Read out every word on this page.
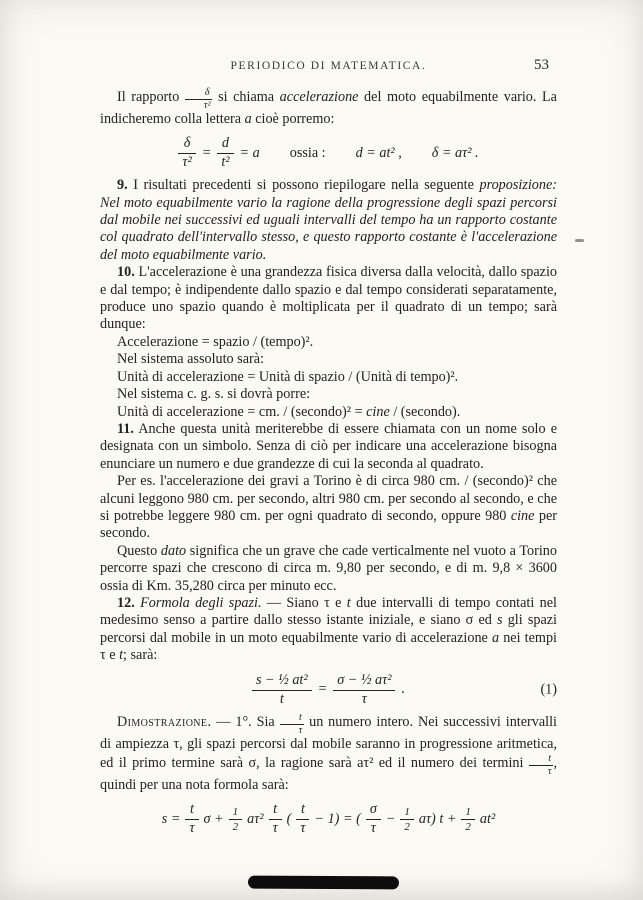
PERIODICO DI MATEMATICA.	53

Il rapporto $\frac{\delta}{\text{τ²}}$ si chiama accelerazione del moto equabilmente vario. La indicheremo colla lettera a cioè porremo:

$\frac{\delta}{\text{τ²}} = \frac{d}{\text{t²}} = a$ ossia : d = at² , δ = aτ² .

9. I risultati precedenti si possono riepilogare nella seguente proposizione: Nel moto equabilmente vario la ragione della progressione degli spazi percorsi dal mobile nei successivi ed uguali intervalli del tempo ha un rapporto costante col quadrato dell'intervallo stesso, e questo rapporto costante è l'accelerazione del moto equabilmente vario.

10. L'accelerazione è una grandezza fisica diversa dalla velocità, dallo spazio e dal tempo; è indipendente dallo spazio e dal tempo considerati separatamente, produce uno spazio quando è moltiplicata per il quadrato di un tempo; sarà dunque:

Accelerazione = spazio / (tempo)².

Nel sistema assoluto sarà:

Unità di accelerazione = Unità di spazio / (Unità di tempo)².

Nel sistema c. g. s. si dovrà porre:

Unità di accelerazione = cm. / (secondo)² = cine / (secondo).

11. Anche questa unità meriterebbe di essere chiamata con un nome solo e designata con un simbolo. Senza di ciò per indicare una accelerazione bisogna enunciare un numero e due grandezze di cui la seconda al quadrato.

Per es. l'accelerazione dei gravi a Torino è di circa 980 cm. / (secondo)² che alcuni leggono 980 cm. per secondo, altri 980 cm. per secondo al secondo, e che si potrebbe leggere 980 cm. per ogni quadrato di secondo, oppure 980 cine per secondo.

Questo dato significa che un grave che cade verticalmente nel vuoto a Torino percorre spazi che crescono di circa m. 9,80 per secondo, e di m. 9,8 × 3600 ossia di Km. 35,280 circa per minuto ecc.

12. Formola degli spazi. — Siano τ e t due intervalli di tempo contati nel medesimo senso a partire dallo stesso istante iniziale, e siano σ ed s gli spazi percorsi dal mobile in un moto equabilmente vario di accelerazione a nei tempi τ e t; sarà:

$\frac{\text{s − ½ at²}}{t} = \frac{\text{σ − ½ aτ²}}{\tau}$ .	(1)

Dimostrazione. — 1°. Sia $\frac{t}{\tau}$ un numero intero. Nei successivi intervalli di ampiezza τ, gli spazi percorsi dal mobile saranno in progressione aritmetica, ed il primo termine sarà σ, la ragione sarà aτ² ed il numero dei termini $\frac{t}{\tau}$ , quindi per una nota formola sarà:

$s = \frac{t}{\tau}$ $\sigma + \frac{1}{2} a\tau^2 \frac{t}{\tau}$ ( $\frac{t}{\tau} - 1$) = ( $\frac{\sigma}{\tau} - \frac{1}{2} a\tau$) $t + \frac{1}{2} at^2$
